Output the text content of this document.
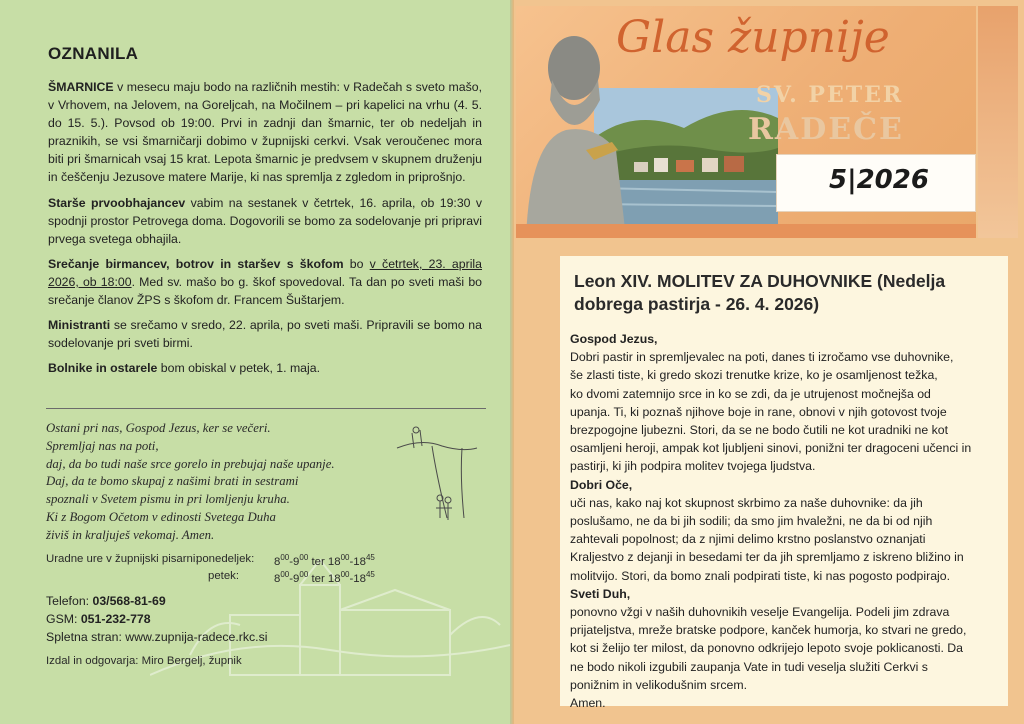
OZNANILA

ŠMARNICE v mesecu maju bodo na različnih mestih: v Radečah s sveto mašo, v Vrhovem, na Jelovem, na Goreljcah, na Močilnem – pri kapelici na vrhu (4. 5. do 15. 5.). Povsod ob 19:00. Prvi in zadnji dan šmarnic, ter ob nedeljah in praznikih, se vsi šmarničarji dobimo v župnijski cerkvi. Vsak veroučenec mora biti pri šmarnicah vsaj 15 krat. Lepota šmarnic je predvsem v skupnem druženju in češčenju Jezusove matere Marije, ki nas spremlja z zgledom in priprošnjo.

Starše prvoobhajancev vabim na sestanek v četrtek, 16. aprila, ob 19:30 v spodnji prostor Petrovega doma. Dogovorili se bomo za sodelovanje pri pripravi prvega svetega obhajila.

Srečanje birmancev, botrov in staršev s škofom bo v četrtek, 23. aprila 2026, ob 18:00. Med sv. mašo bo g. škof spovedoval. Ta dan po sveti maši bo srečanje članov ŽPS s škofom dr. Francem Šuštarjem.

Ministranti se srečamo v sredo, 22. aprila, po sveti maši. Pripravili se bomo na sodelovanje pri sveti birmi.

Bolnike in ostarele bom obiskal v petek, 1. maja.

Ostani pri nas, Gospod Jezus, ker se večeri.
Spremljaj nas na poti,
daj, da bo tudi naše srce gorelo in prebujaj naše upanje.
Daj, da te bomo skupaj z našimi brati in sestrami
spoznali v Svetem pismu in pri lomljenju kruha.
Ki z Bogom Očetom v edinosti Svetega Duha
živiš in kraljuješ vekomaj. Amen.
Uradne ure v župnijski pisarni:
ponedeljek: $8^{00}-9^{00}$ ter $18^{00}-18^{45}$
petek:	$8^{00}-9^{00}$ ter $18^{00}-18^{45}$
Telefon: 03/568-81-69
GSM: 051-232-778
Spletna stran: www.zupnija-radece.rkc.si
Izdal in odgovarja: Miro Bergelj, župnik
Glas župnije
SV. PETER
RADEČE
5|2026
Leon XIV. MOLITEV ZA DUHOVNIKE (Nedelja dobrega pastirja - 26. 4. 2026)
Gospod Jezus,
Dobri pastir in spremljevalec na poti, danes ti izročamo vse duhovnike,
še zlasti tiste, ki gredo skozi trenutke krize, ko je osamljenost težka,
ko dvomi zatemnijo srce in ko se zdi, da je utrujenost močnejša od
upanja. Ti, ki poznaš njihove boje in rane, obnovi v njih gotovost tvoje
brezpogojne ljubezni. Stori, da se ne bodo čutili ne kot uradniki ne kot
osamljeni heroji, ampak kot ljubljeni sinovi, ponižni ter dragoceni učenci in
pastirji, ki jih podpira molitev tvojega ljudstva.
Dobri Oče,
uči nas, kako naj kot skupnost skrbimo za naše duhovnike: da jih
poslušamo, ne da bi jih sodili; da smo jim hvaležni, ne da bi od njih
zahtevali popolnost; da z njimi delimo krstno poslanstvo oznanjati
Kraljestvo z dejanji in besedami ter da jih spremljamo z iskreno bližino in
molitvijo. Stori, da bomo znali podpirati tiste, ki nas pogosto podpirajo.
Sveti Duh,
ponovno vžgi v naših duhovnikih veselje Evangelija. Podeli jim zdrava
prijateljstva, mreže bratske podpore, kanček humorja, ko stvari ne gredo,
kot si želijo ter milost, da ponovno odkrijejo lepoto svoje poklicanosti. Da
ne bodo nikoli izgubili zaupanja Vate in tudi veselja služiti Cerkvi s
ponižnim in velikodušnim srcem.
Amen.
